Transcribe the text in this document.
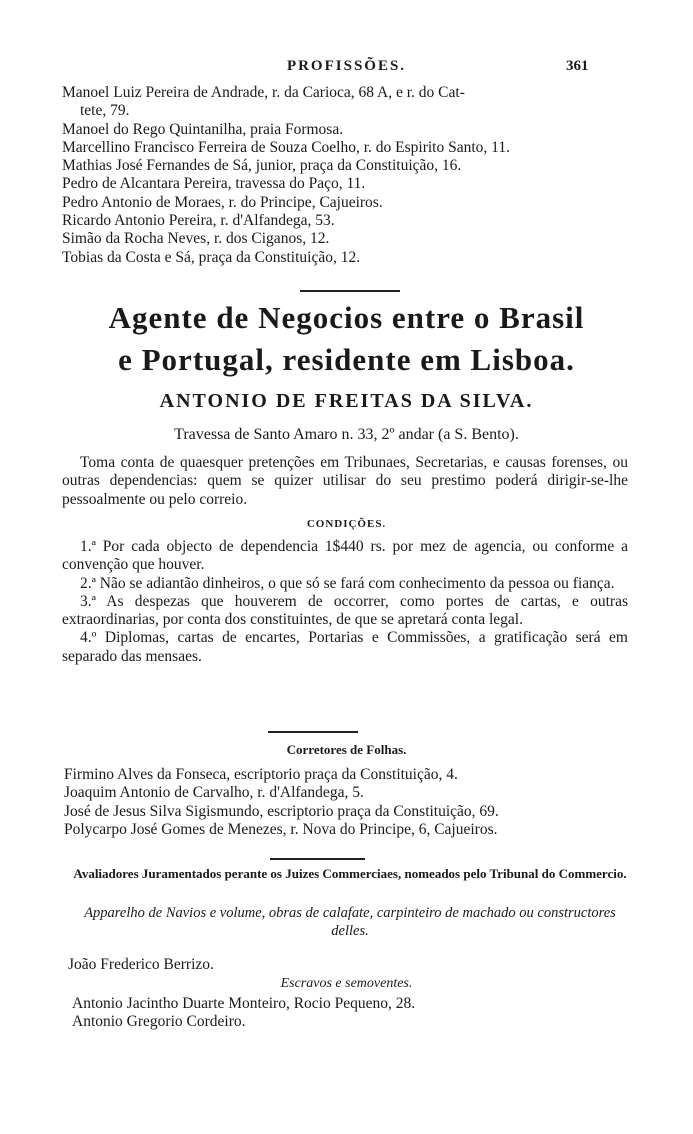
PROFISSÕES.	361
Manoel Luiz Pereira de Andrade, r. da Carioca, 68 A, e r. do Cat-
tete, 79.
Manoel do Rego Quintanilha, praia Formosa.
Marcellino Francisco Ferreira de Souza Coelho, r. do Espirito Santo, 11.
Mathias José Fernandes de Sá, junior, praça da Constituição, 16.
Pedro de Alcantara Pereira, travessa do Paço, 11.
Pedro Antonio de Moraes, r. do Principe, Cajueiros.
Ricardo Antonio Pereira, r. d'Alfandega, 53.
Simão da Rocha Neves, r. dos Ciganos, 12.
Tobias da Costa e Sá, praça da Constituição, 12.
Agente de Negocios entre o Brasil
e Portugal, residente em Lisboa.
ANTONIO DE FREITAS DA SILVA.
Travessa de Santo Amaro n. 33, 2º andar (a S. Bento).
Toma conta de quaesquer pretenções em Tribunaes, Secretarias, e causas forenses, ou outras dependencias: quem se quizer utilisar do seu prestimo poderá dirigir-se-lhe pessoalmente ou pelo correio.
CONDIÇÕES.
1.ª Por cada objecto de dependencia 1$440 rs. por mez de agencia, ou conforme a convenção que houver.
2.ª Não se adiantão dinheiros, o que só se fará com conhecimento da pessoa ou fiança.
3.ª As despezas que houverem de occorrer, como portes de cartas, e outras extraordinarias, por conta dos constituintes, de que se apretará conta legal.
4.º Diplomas, cartas de encartes, Portarias e Commissões, a gratificação será em separado das mensaes.
Corretores de Folhas.
Firmino Alves da Fonseca, escriptorio praça da Constituição, 4.
Joaquim Antonio de Carvalho, r. d'Alfandega, 5.
José de Jesus Silva Sigismundo, escriptorio praça da Constituição, 69.
Polycarpo José Gomes de Menezes, r. Nova do Principe, 6, Cajueiros.
Avaliadores Juramentados perante os Juizes Commerciaes, nomeados pelo Tribunal do Commercio.
Apparelho de Navios e volume, obras de calafate, carpinteiro de machado ou constructores delles.
João Frederico Berrizo.
Escravos e semoventes.
Antonio Jacintho Duarte Monteiro, Rocio Pequeno, 28.
Antonio Gregorio Cordeiro.
